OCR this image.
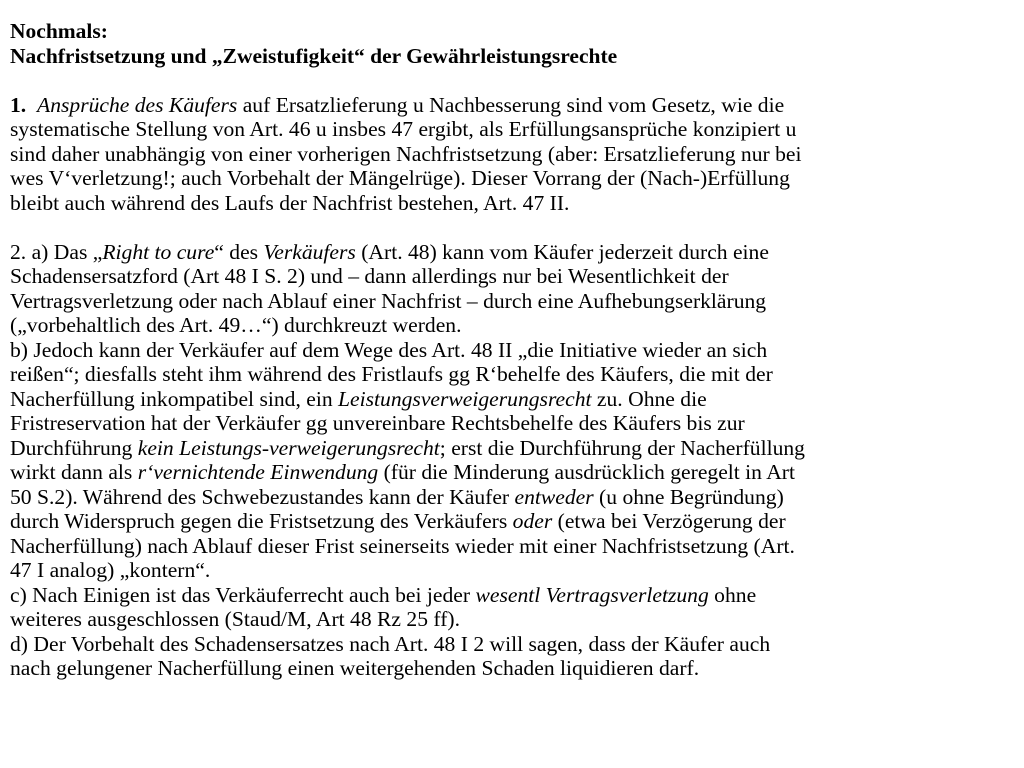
Nochmals:
Nachfristsetzung und „Zweistufigkeit“ der Gewährleistungsrechte
1. Ansprüche des Käufers auf Ersatzlieferung u Nachbesserung sind vom Gesetz, wie die
systematische Stellung von Art. 46 u insbes 47 ergibt, als Erfüllungsansprüche konzipiert u
sind daher unabhängig von einer vorherigen Nachfristsetzung (aber: Ersatzlieferung nur bei
wes V‘verletzung!; auch Vorbehalt der Mängelrüge). Dieser Vorrang der (Nach-)Erfüllung
bleibt auch während des Laufs der Nachfrist bestehen, Art. 47 II.
2. a) Das „Right to cure“ des Verkäufers (Art. 48) kann vom Käufer jederzeit durch eine
Schadensersatzford (Art 48 I S. 2) und – dann allerdings nur bei Wesentlichkeit der
Vertragsverletzung oder nach Ablauf einer Nachfrist – durch eine Aufhebungserklärung
(„vorbehaltlich des Art. 49…“) durchkreuzt werden.
b) Jedoch kann der Verkäufer auf dem Wege des Art. 48 II „die Initiative wieder an sich
reißen“; diesfalls steht ihm während des Fristlaufs gg R‘behelfe des Käufers, die mit der
Nacherfüllung inkompatibel sind, ein Leistungsverweigerungsrecht zu. Ohne die
Fristreservation hat der Verkäufer gg unvereinbare Rechtsbehelfe des Käufers bis zur
Durchführung kein Leistungs-verweigerungsrecht; erst die Durchführung der Nacherfüllung
wirkt dann als r‘vernichtende Einwendung (für die Minderung ausdrücklich geregelt in Art
50 S.2). Während des Schwebezustandes kann der Käufer entweder (u ohne Begründung)
durch Widerspruch gegen die Fristsetzung des Verkäufers oder (etwa bei Verzögerung der
Nacherfüllung) nach Ablauf dieser Frist seinerseits wieder mit einer Nachfristsetzung (Art.
47 I analog) „kontern“.
c) Nach Einigen ist das Verkäuferrecht auch bei jeder wesentl Vertragsverletzung ohne
weiteres ausgeschlossen (Staud/M, Art 48 Rz 25 ff).
d) Der Vorbehalt des Schadensersatzes nach Art. 48 I 2 will sagen, dass der Käufer auch
nach gelungener Nacherfüllung einen weitergehenden Schaden liquidieren darf.
